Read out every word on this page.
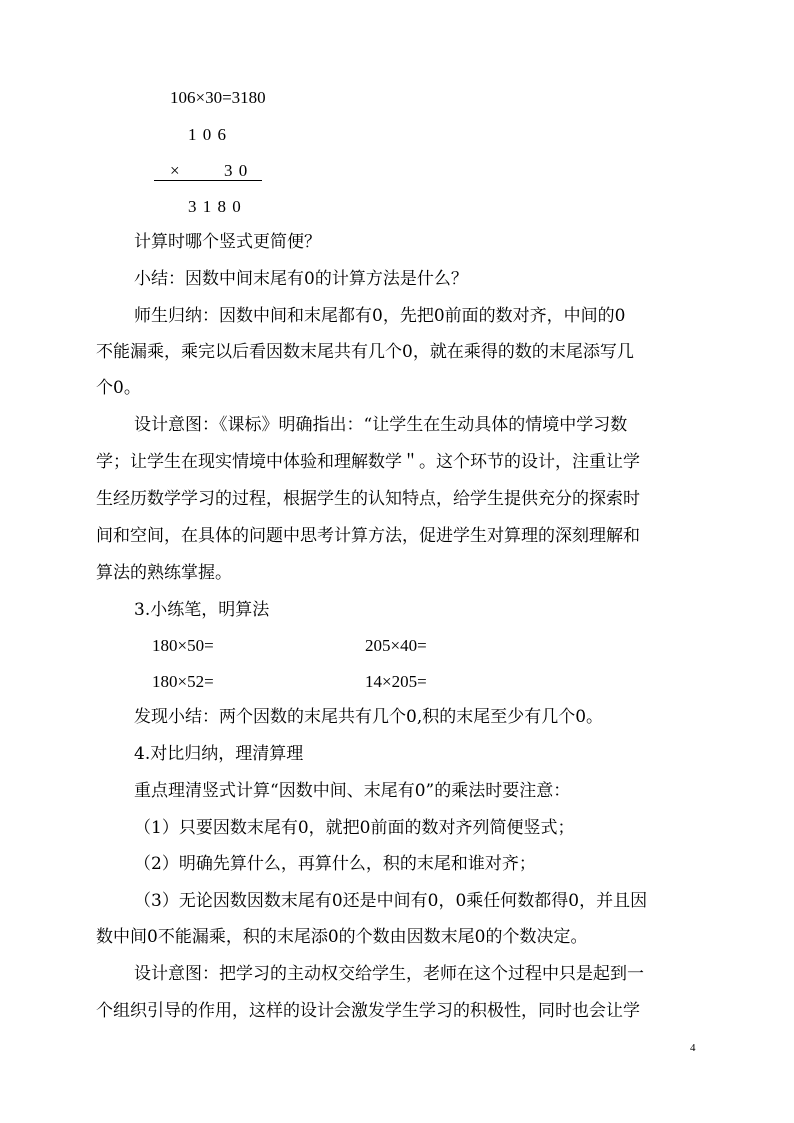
106×30=3180
1 0 6
×	3 0
3 1 8 0
计算时哪个竖式更简便？
小结：因数中间末尾有0的计算方法是什么？
师生归纳：因数中间和末尾都有0，先把0前面的数对齐，中间的0
不能漏乘，乘完以后看因数末尾共有几个0，就在乘得的数的末尾添写几
个0。
设计意图：《课标》明确指出：“让学生在生动具体的情境中学习数
学；让学生在现实情境中体验和理解数学＂。这个环节的设计，注重让学
生经历数学学习的过程，根据学生的认知特点，给学生提供充分的探索时
间和空间，在具体的问题中思考计算方法，促进学生对算理的深刻理解和
算法的熟练掌握。
3.小练笔，明算法
180×50=	205×40=
180×52=	14×205=
发现小结：两个因数的末尾共有几个0,积的末尾至少有几个0。
4.对比归纳，理清算理
重点理清竖式计算“因数中间、末尾有0”的乘法时要注意：
（1）只要因数末尾有0，就把0前面的数对齐列简便竖式；
（2）明确先算什么，再算什么，积的末尾和谁对齐；
（3）无论因数因数末尾有0还是中间有0，0乘任何数都得0，并且因
数中间0不能漏乘，积的末尾添0的个数由因数末尾0的个数决定。
设计意图：把学习的主动权交给学生，老师在这个过程中只是起到一
个组织引导的作用，这样的设计会激发学生学习的积极性，同时也会让学
4
